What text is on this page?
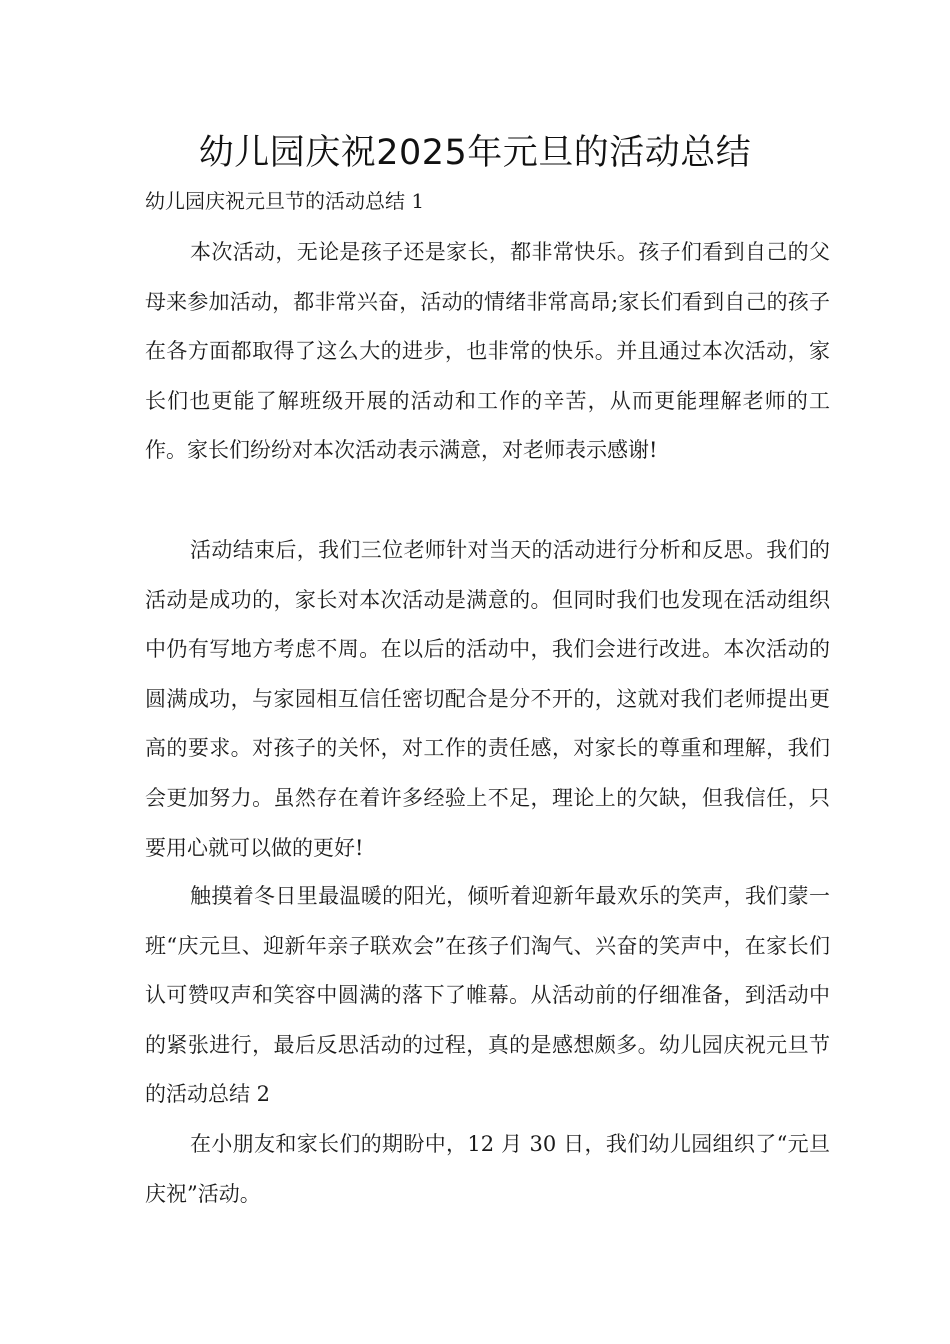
幼儿园庆祝2025年元旦的活动总结

幼儿园庆祝元旦节的活动总结 1

本次活动，无论是孩子还是家长，都非常快乐。孩子们看到自己的父母来参加活动，都非常兴奋，活动的情绪非常高昂;家长们看到自己的孩子在各方面都取得了这么大的进步，也非常的快乐。并且通过本次活动，家长们也更能了解班级开展的活动和工作的辛苦，从而更能理解老师的工作。家长们纷纷对本次活动表示满意，对老师表示感谢!

活动结束后，我们三位老师针对当天的活动进行分析和反思。我们的活动是成功的，家长对本次活动是满意的。但同时我们也发现在活动组织中仍有写地方考虑不周。在以后的活动中，我们会进行改进。本次活动的圆满成功，与家园相互信任密切配合是分不开的，这就对我们老师提出更高的要求。对孩子的关怀，对工作的责任感，对家长的尊重和理解，我们会更加努力。虽然存在着许多经验上不足，理论上的欠缺，但我信任，只要用心就可以做的更好!

触摸着冬日里最温暖的阳光，倾听着迎新年最欢乐的笑声，我们蒙一班“庆元旦、迎新年亲子联欢会”在孩子们淘气、兴奋的笑声中，在家长们认可赞叹声和笑容中圆满的落下了帷幕。从活动前的仔细准备，到活动中的紧张进行，最后反思活动的过程，真的是感想颇多。幼儿园庆祝元旦节的活动总结 2

在小朋友和家长们的期盼中，12 月 30 日，我们幼儿园组织了“元旦庆祝”活动。
